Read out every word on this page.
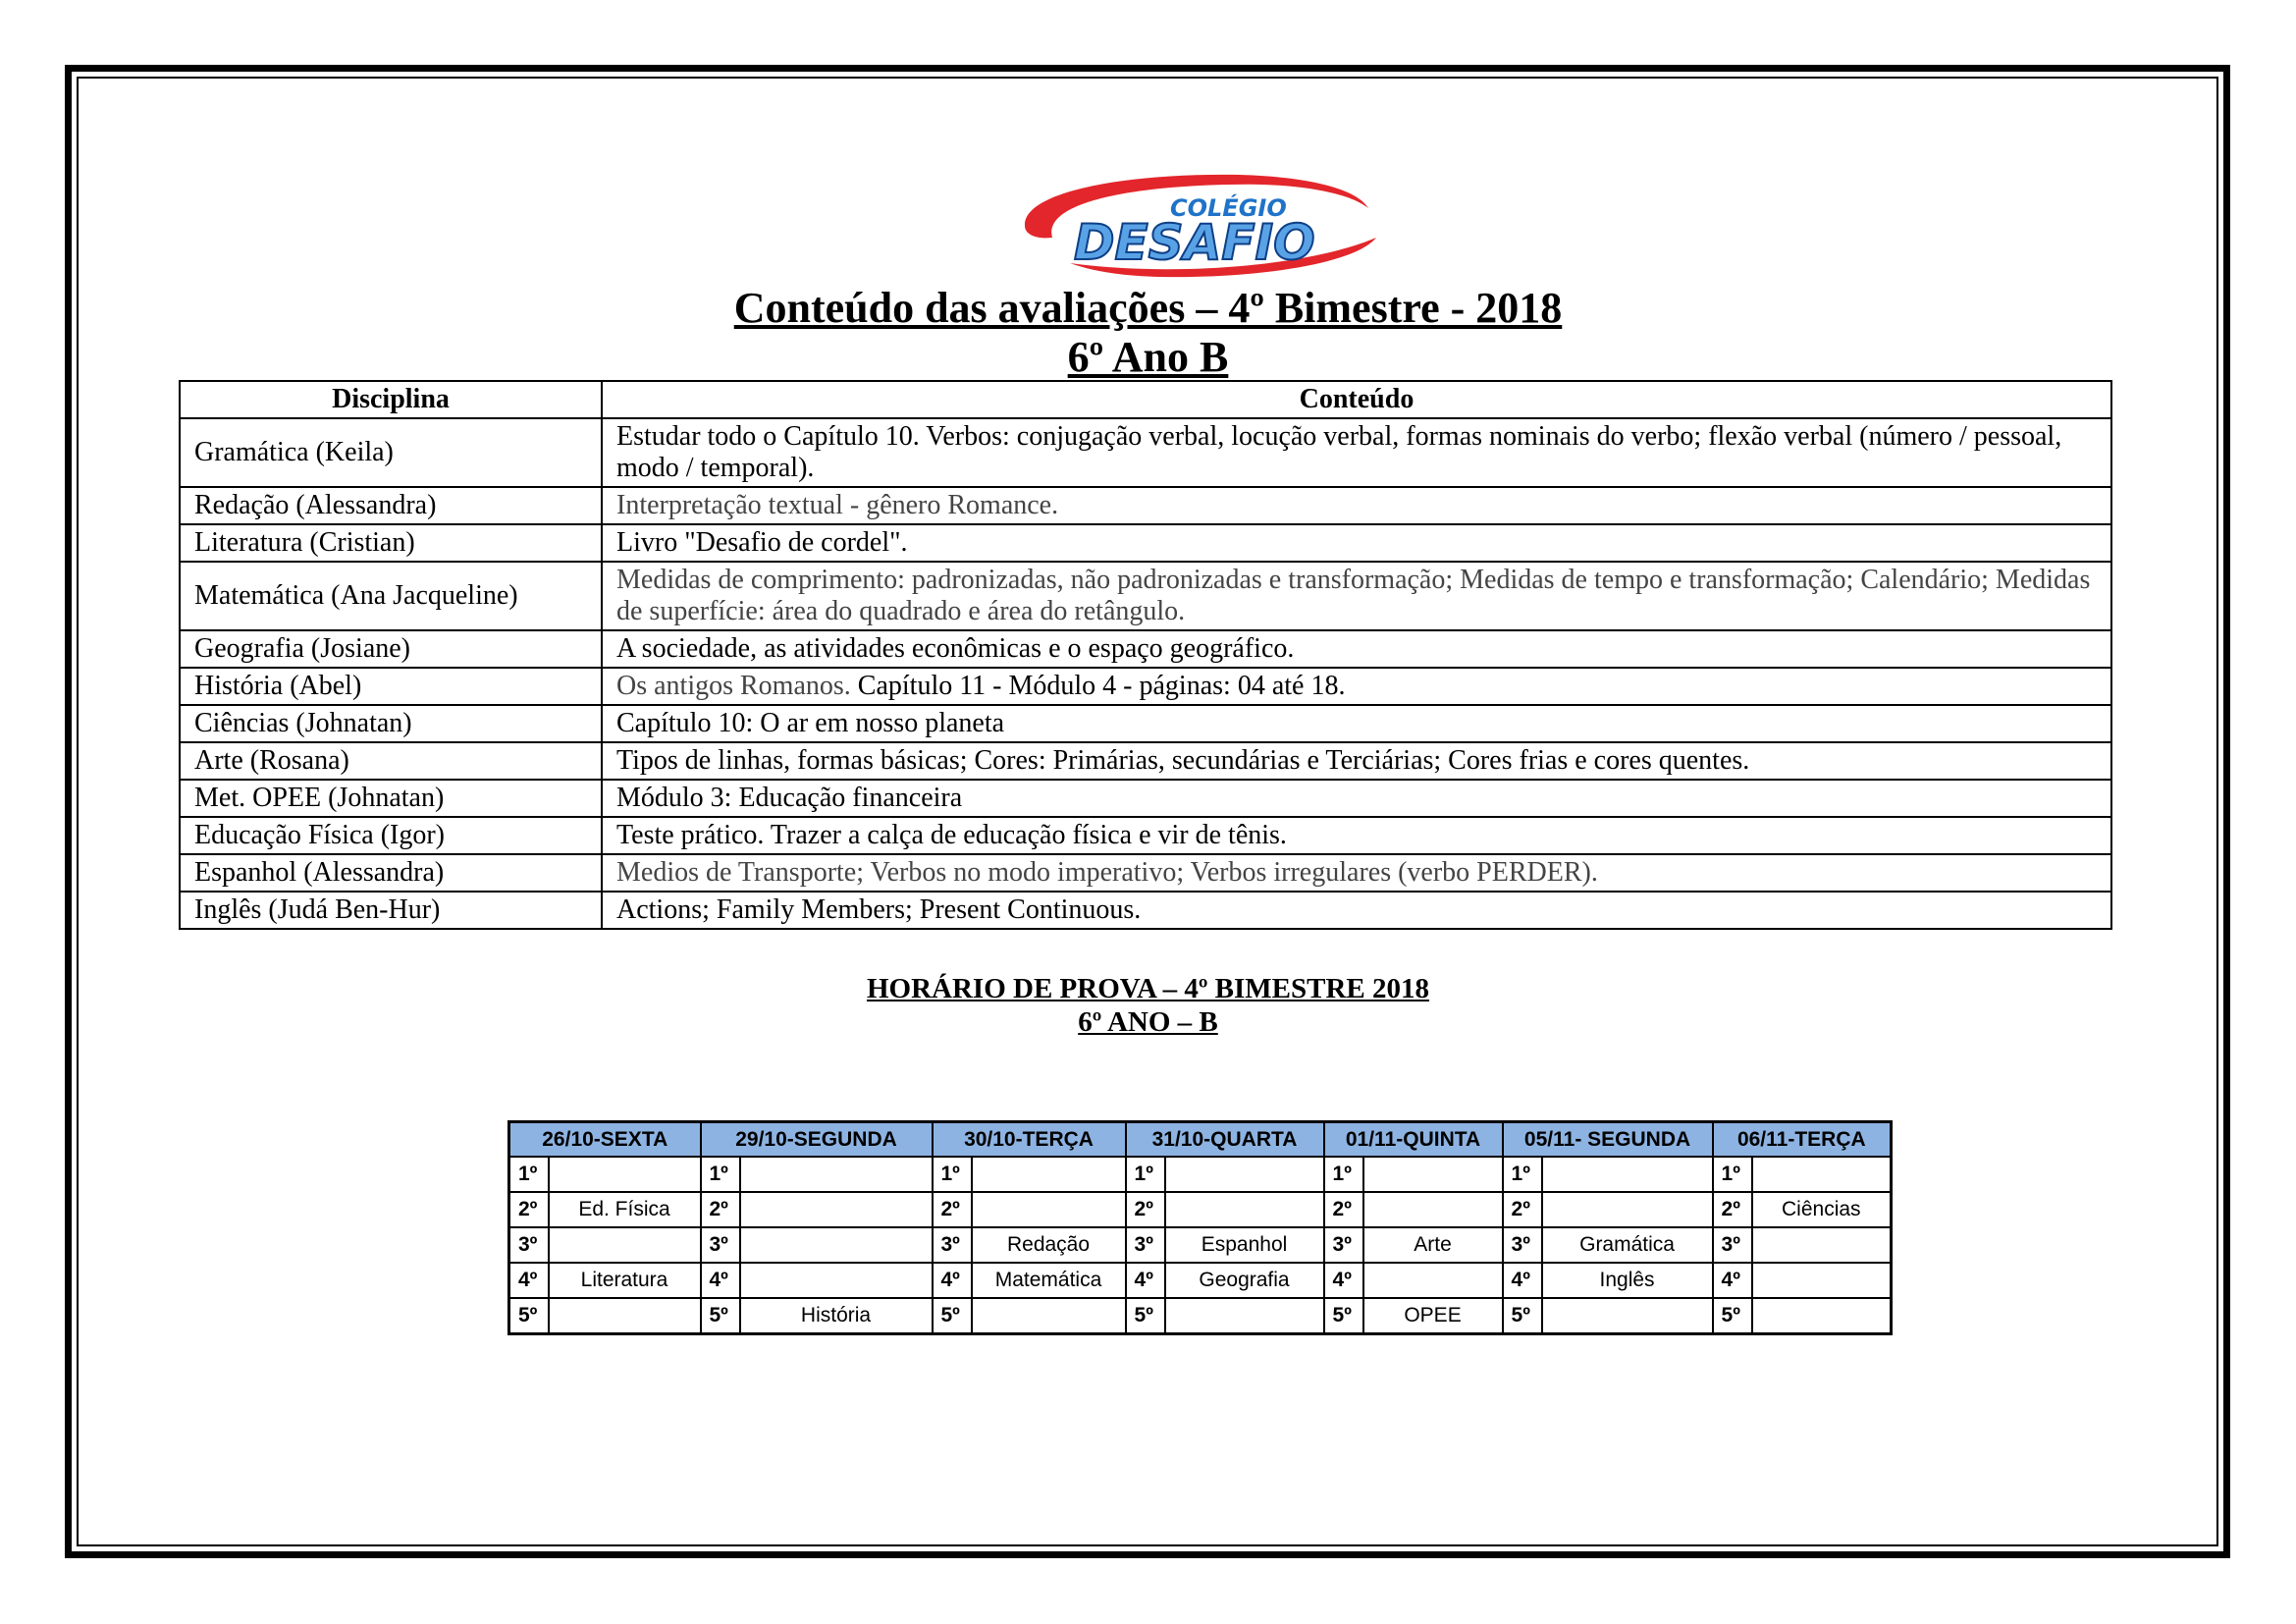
COLÉGIO
DESAFIO
Conteúdo das avaliações – 4º Bimestre - 2018
6º Ano B
Disciplina	Conteúdo
Gramática (Keila)	Estudar todo o Capítulo 10. Verbos: conjugação verbal, locução verbal, formas nominais do verbo; flexão verbal (número / pessoal, modo / temporal).
Redação (Alessandra)	Interpretação textual - gênero Romance.
Literatura (Cristian)	Livro "Desafio de cordel".
Matemática (Ana Jacqueline)	Medidas de comprimento: padronizadas, não padronizadas e transformação; Medidas de tempo e transformação; Calendário; Medidas de superfície: área do quadrado e área do retângulo.
Geografia (Josiane)	A sociedade, as atividades econômicas e o espaço geográfico.
História (Abel)	Os antigos Romanos. Capítulo 11 - Módulo 4 - páginas: 04 até 18.
Ciências (Johnatan)	Capítulo 10: O ar em nosso planeta
Arte (Rosana)	Tipos de linhas, formas básicas; Cores: Primárias, secundárias e Terciárias; Cores frias e cores quentes.
Met. OPEE (Johnatan)	Módulo 3: Educação financeira
Educação Física (Igor)	Teste prático. Trazer a calça de educação física e vir de tênis.
Espanhol (Alessandra)	Medios de Transporte; Verbos no modo imperativo; Verbos irregulares (verbo PERDER).
Inglês (Judá Ben-Hur)	Actions; Family Members; Present Continuous.
HORÁRIO DE PROVA – 4º BIMESTRE 2018
6º ANO – B
26/10-SEXTA		29/10-SEGUNDA		30/10-TERÇA		31/10-QUARTA		01/11-QUINTA		05/11- SEGUNDA		06/11-TERÇA	
1º		1º		1º		1º		1º		1º		1º	
2º	Ed. Física	2º		2º		2º		2º		2º		2º	Ciências
3º		3º		3º	Redação	3º	Espanhol	3º	Arte	3º	Gramática	3º	
4º	Literatura	4º		4º	Matemática	4º	Geografia	4º		4º	Inglês	4º	
5º		5º	História	5º		5º		5º	OPEE	5º		5º	
